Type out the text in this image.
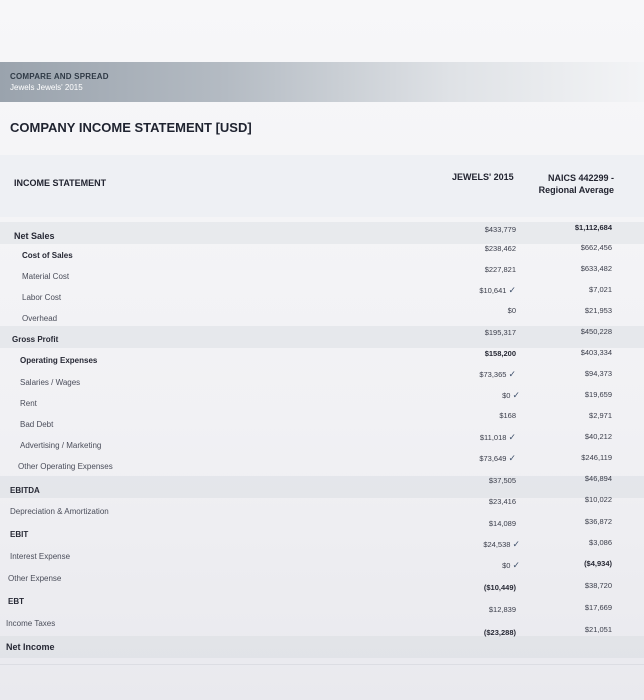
COMPARE AND SPREAD
Jewels Jewels' 2015
COMPANY INCOME STATEMENT [USD]
INCOME STATEMENT
JEWELS' 2015	NAICS 442299 - Regional Average
Net Sales
$433,779	$1,112,684
Cost of Sales
$238,462	$662,456
Material Cost
$227,821	$633,482
Labor Cost
$10,641 ✓	$7,021
Overhead
$0	$21,953
Gross Profit
$195,317	$450,228
Operating Expenses
$158,200	$403,334
Salaries / Wages
$73,365 ✓	$94,373
Rent
$0 ✓	$19,659
Bad Debt
$168	$2,971
Advertising / Marketing
$11,018 ✓	$40,212
Other Operating Expenses
$73,649 ✓	$246,119
EBITDA
$37,505	$46,894
Depreciation & Amortization
$23,416	$10,022
EBIT
$14,089	$36,872
Interest Expense
$24,538 ✓	$3,086
Other Expense
$0 ✓	($4,934)
EBT
($10,449)	$38,720
Income Taxes
$12,839	$17,669
Net Income
($23,288)	$21,051
